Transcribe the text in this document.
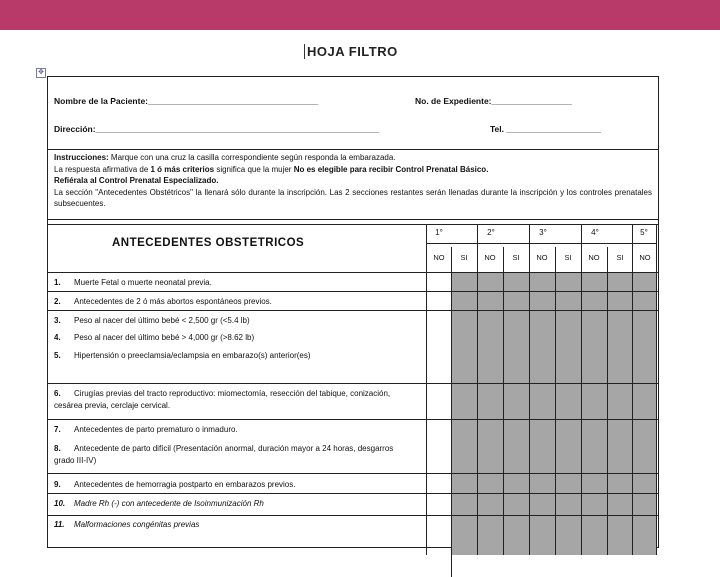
HOJA FILTRO
✥
Nombre de la Paciente:____________________________________	No. de Expediente:_________________
Dirección:____________________________________________________________	Tel. ____________________

Instrucciones: Marque con una cruz la casilla correspondiente según responda la embarazada.

La respuesta afirmativa de 1 ó más criterios significa que la mujer No es elegible para recibir Control Prenatal Básico.

Refiérala al Control Prenatal Especializado.

La sección "Antecedentes Obstétricos" la llenará sólo durante la inscripción. Las 2 secciones restantes serán llenadas durante la inscripción y los controles prenatales subsecuentes.

ANTECEDENTES OBSTETRICOS
1°	2°	3°	4°	5°
NO	SI	NO	SI	NO	SI	NO	SI	NO
1. Muerte Fetal o muerte neonatal previa.
2. Antecedentes de 2 ó más abortos espontáneos previos.
3. Peso al nacer del último bebé < 2,500 gr (<5.4 lb)
4. Peso al nacer del último bebé > 4,000 gr (>8.62 lb)
5. Hipertensión o preeclamsia/eclampsia en embarazo(s) anterior(es)
6. Cirugías previas del tracto reproductivo: miomectomía, resección del tabique, conización, cesárea previa, cerclaje cervical.
7. Antecedentes de parto prematuro o inmaduro.
8. Antecedente de parto difícil (Presentación anormal, duración mayor a 24 horas, desgarros grado III-IV)
9. Antecedentes de hemorragia postparto en embarazos previos.
10. Madre Rh (-) con antecedente de Isoinmunización Rh
11. Malformaciones congénitas previas
